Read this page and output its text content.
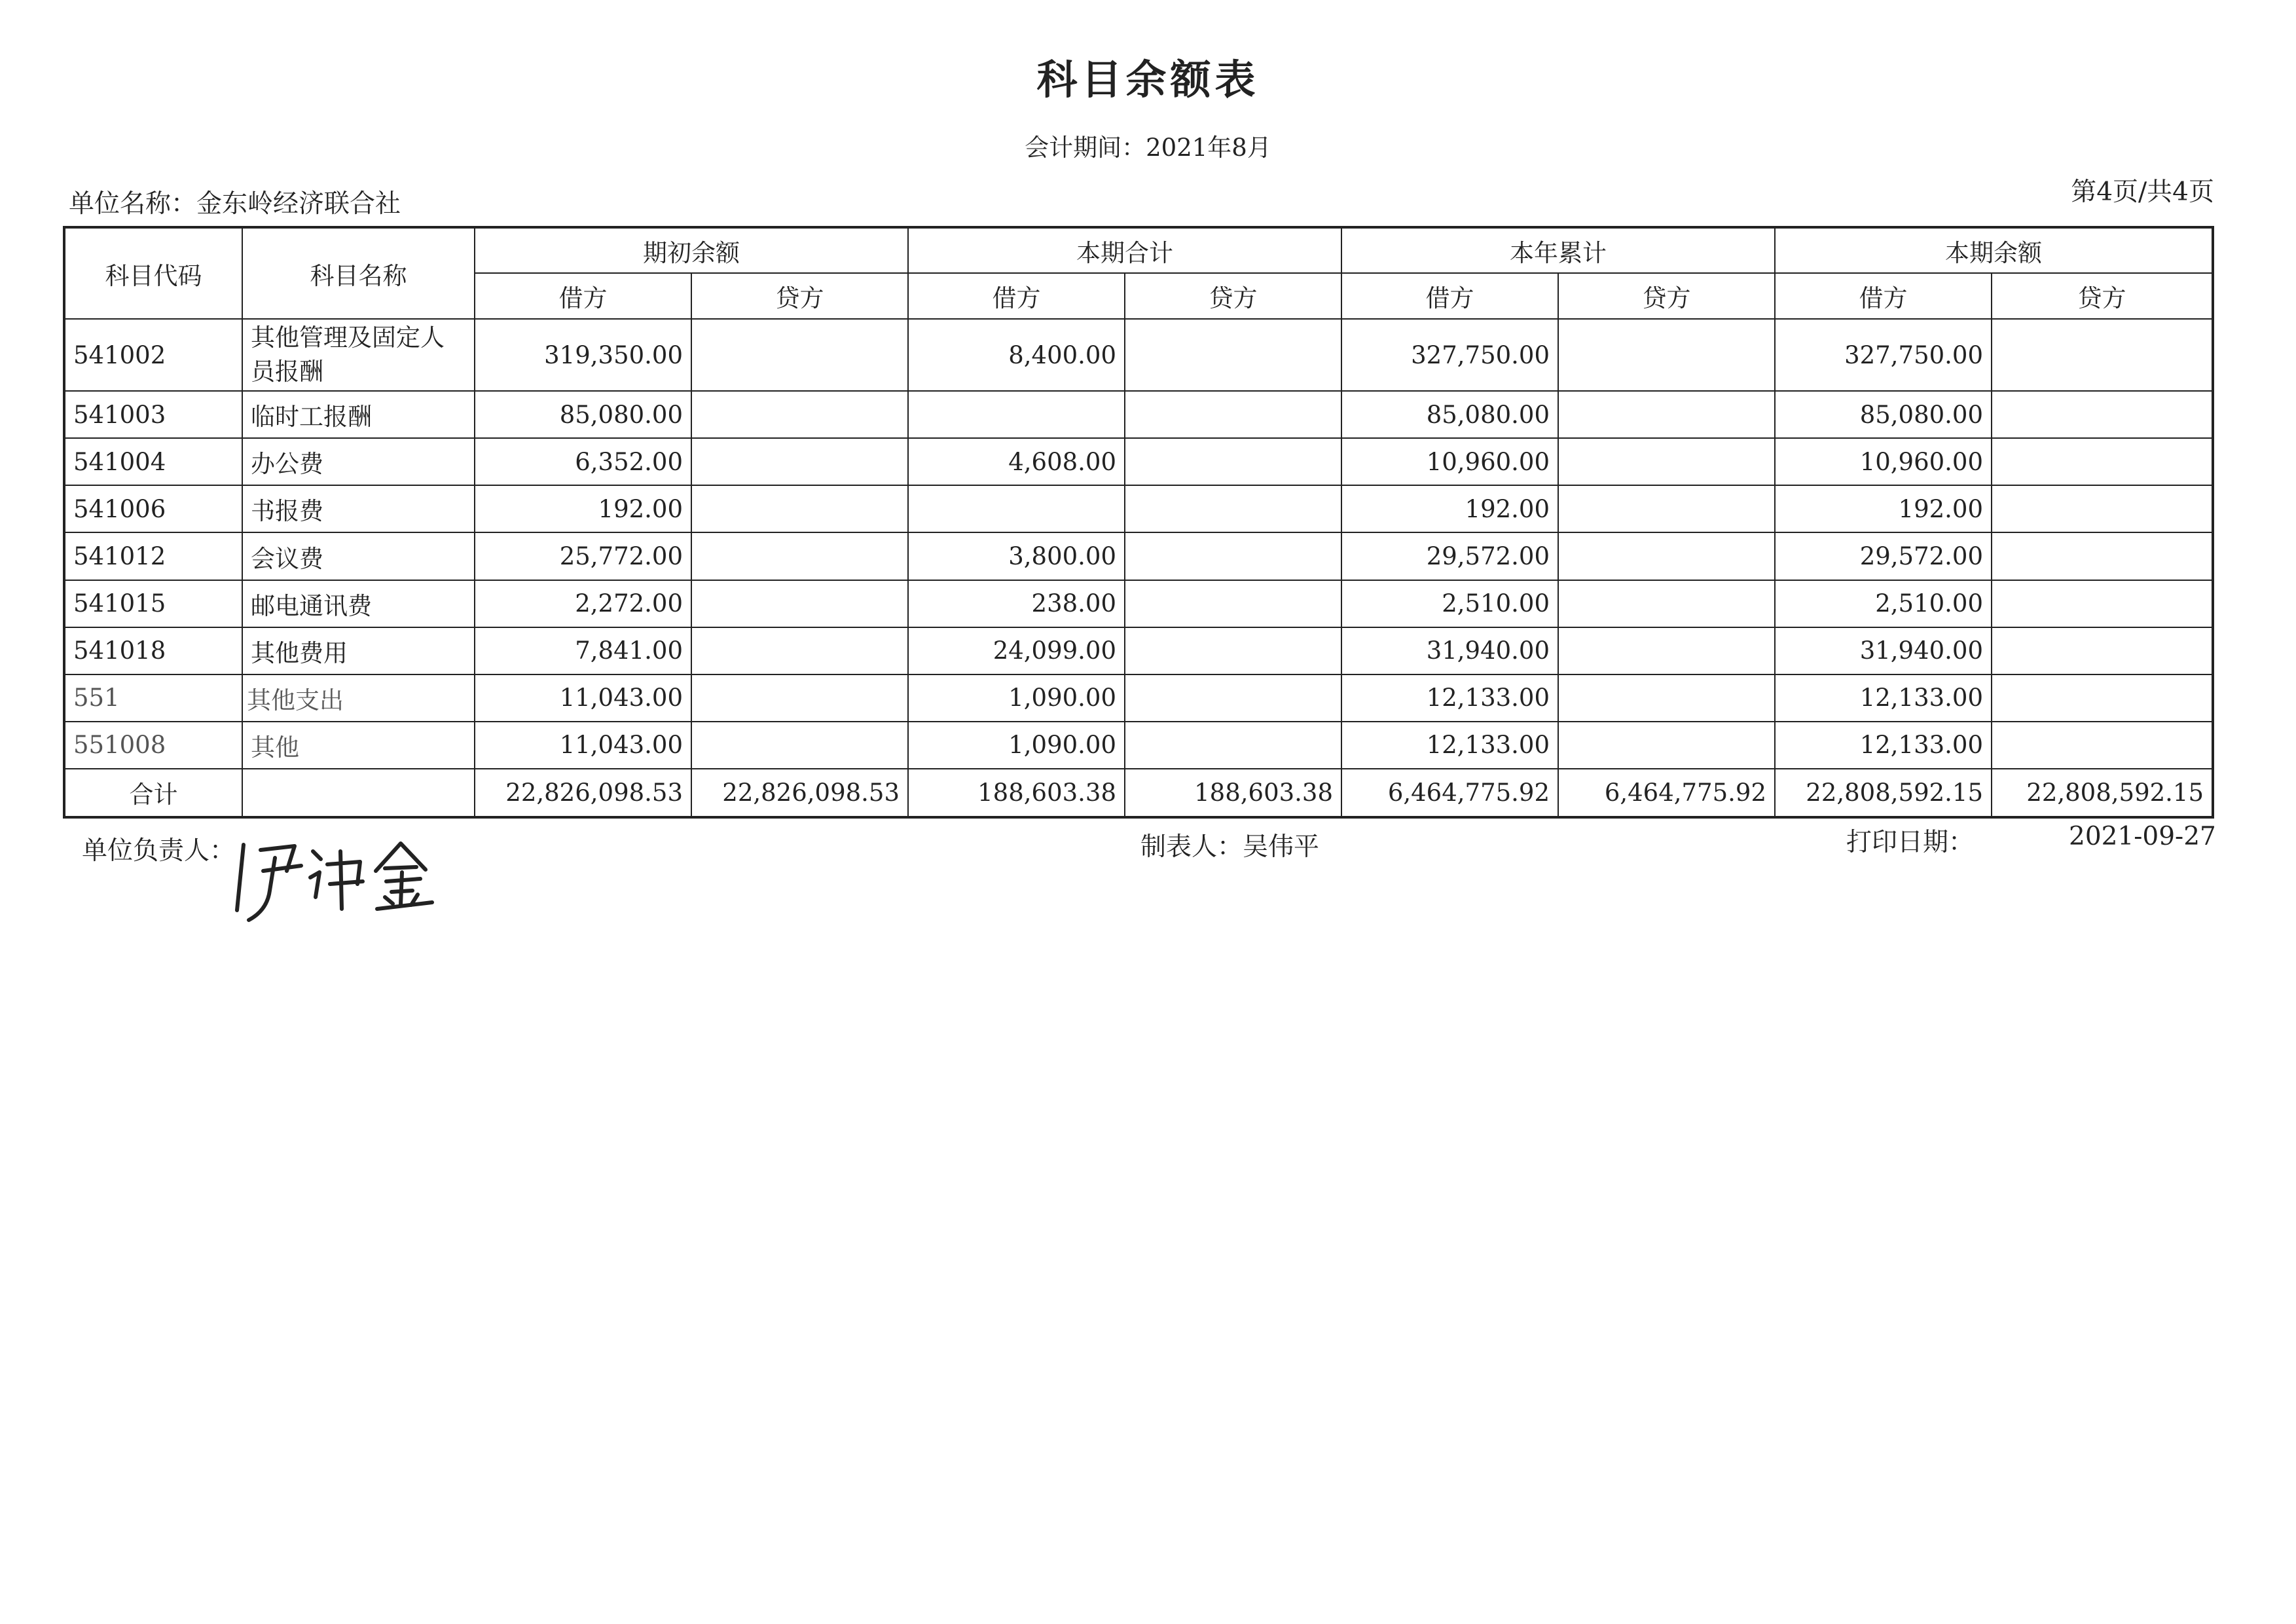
科目余额表
会计期间：2021年8月
单位名称：金东岭经济联合社	第4页/共4页
科目代码	科目名称	期初余额		本期合计		本年累计		本期余额	
		借方	贷方	借方	贷方	借方	贷方	借方	贷方
541002	其他管理及固定人员报酬	319,350.00		8,400.00		327,750.00		327,750.00	
541003	临时工报酬	85,080.00				85,080.00		85,080.00	
541004	办公费	6,352.00		4,608.00		10,960.00		10,960.00	
541006	书报费	192.00				192.00		192.00	
541012	会议费	25,772.00		3,800.00		29,572.00		29,572.00	
541015	邮电通讯费	2,272.00		238.00		2,510.00		2,510.00	
541018	其他费用	7,841.00		24,099.00		31,940.00		31,940.00	
551	其他支出	11,043.00		1,090.00		12,133.00		12,133.00	
551008	其他	11,043.00		1,090.00		12,133.00		12,133.00	
合计		22,826,098.53	22,826,098.53	188,603.38	188,603.38	6,464,775.92	6,464,775.92	22,808,592.15	22,808,592.15
单位负责人：	制表人：吴伟平	打印日期：	2021-09-27
